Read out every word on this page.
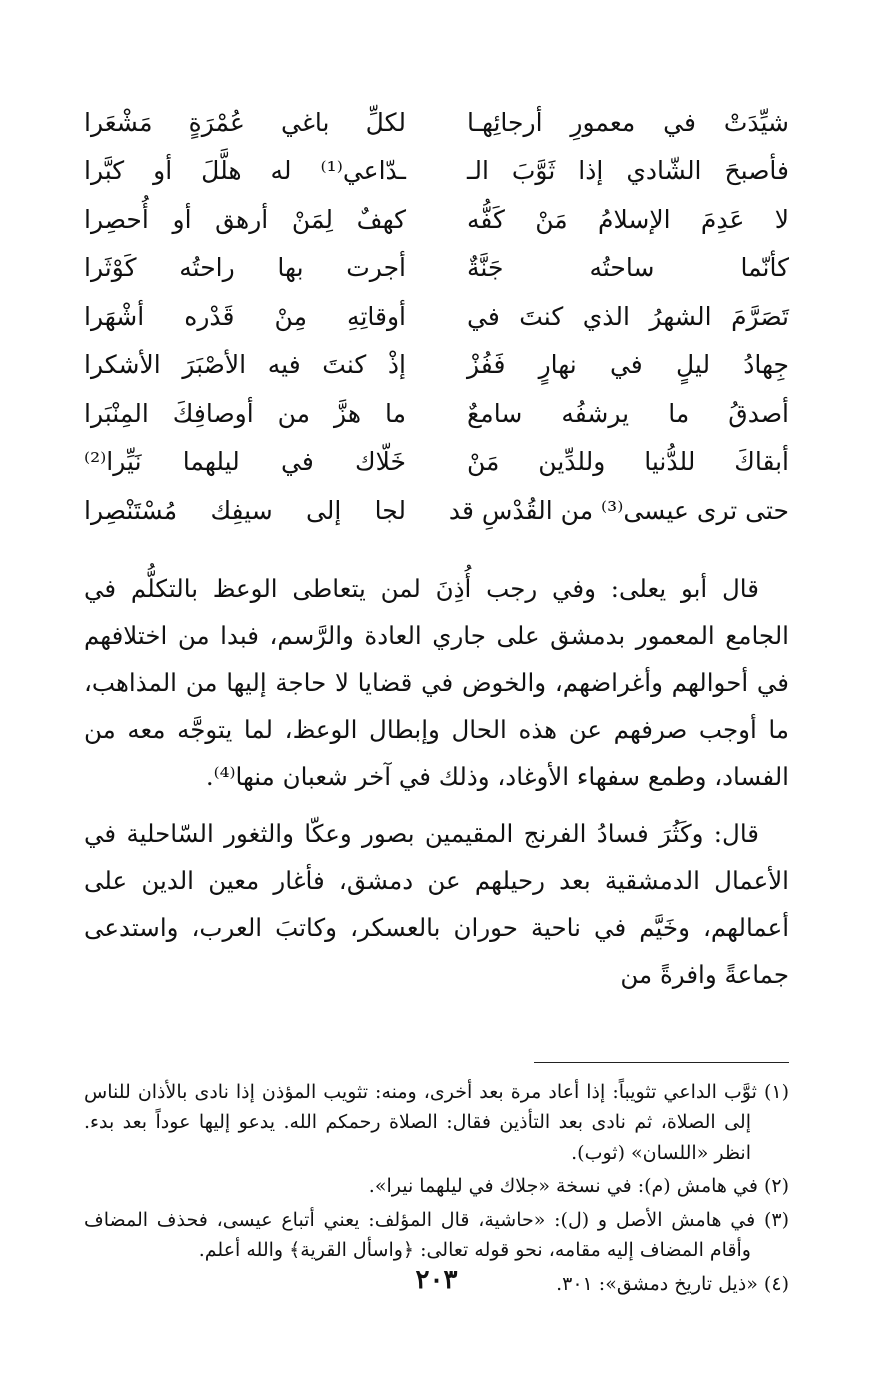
شيِّدَتْ في معمورِ أرجائِهـا
لكلِّ باغي عُمْرَةٍ مَشْعَرا
فأصبحَ الشّادي إذا ثَوَّبَ الـ
ـدّاعي⁽¹⁾ له هلَّلَ أو كبَّرا
لا عَدِمَ الإسلامُ مَنْ كَفُّه
كهفٌ لِمَنْ أرهق أو أُحصِرا
كأنّما ساحتُه جَنَّةٌ
أجرت بها راحتُه كَوْثَرا
تَصَرَّمَ الشهرُ الذي كنتَ في
أوقاتِهِ مِنْ قَدْره أشْهَرا
جِهادُ ليلٍ في نهارٍ فَفُزْ
إذْ كنتَ فيه الأصْبَرَ الأشكرا
أصدقُ ما يرشفُه سامعٌ
ما هزَّ من أوصافِكَ المِنْبَرا
أبقاكَ للدُّنيا وللدِّين مَنْ
خَلّاك في ليلهما نَيِّرا⁽²⁾
حتى ترى عيسى⁽³⁾ من القُدْسِ قد
لجا إلى سيفِك مُسْتَنْصِرا

قال أبو يعلى: وفي رجب أُذِنَ لمن يتعاطى الوعظ بالتكلُّم في الجامع المعمور بدمشق على جاري العادة والرَّسم، فبدا من اختلافهم في أحوالهم وأغراضهم، والخوض في قضايا لا حاجة إليها من المذاهب، ما أوجب صرفهم عن هذه الحال وإبطال الوعظ، لما يتوجَّه معه من الفساد، وطمع سفهاء الأوغاد، وذلك في آخر شعبان منها⁽⁴⁾.

قال: وكَثُرَ فسادُ الفرنج المقيمين بصور وعكّا والثغور السّاحلية في الأعمال الدمشقية بعد رحيلهم عن دمشق، فأغار معين الدين على أعمالهم، وخَيَّم في ناحية حوران بالعسكر، وكاتبَ العرب، واستدعى جماعةً وافرةً من

(١) ثوَّب الداعي تثويباً: إذا أعاد مرة بعد أخرى، ومنه: تثويب المؤذن إذا نادى بالأذان للناس إلى الصلاة، ثم نادى بعد التأذين فقال: الصلاة رحمكم الله. يدعو إليها عوداً بعد بدء. انظر «اللسان» (ثوب).

(٢) في هامش (م): في نسخة «جلاك في ليلهما نيرا».

(٣) في هامش الأصل و (ل): «حاشية، قال المؤلف: يعني أتباع عيسى، فحذف المضاف وأقام المضاف إليه مقامه، نحو قوله تعالى: ﴿واسأل القرية﴾ والله أعلم.

(٤) «ذيل تاريخ دمشق»: ٣٠١.

٢٠٣
